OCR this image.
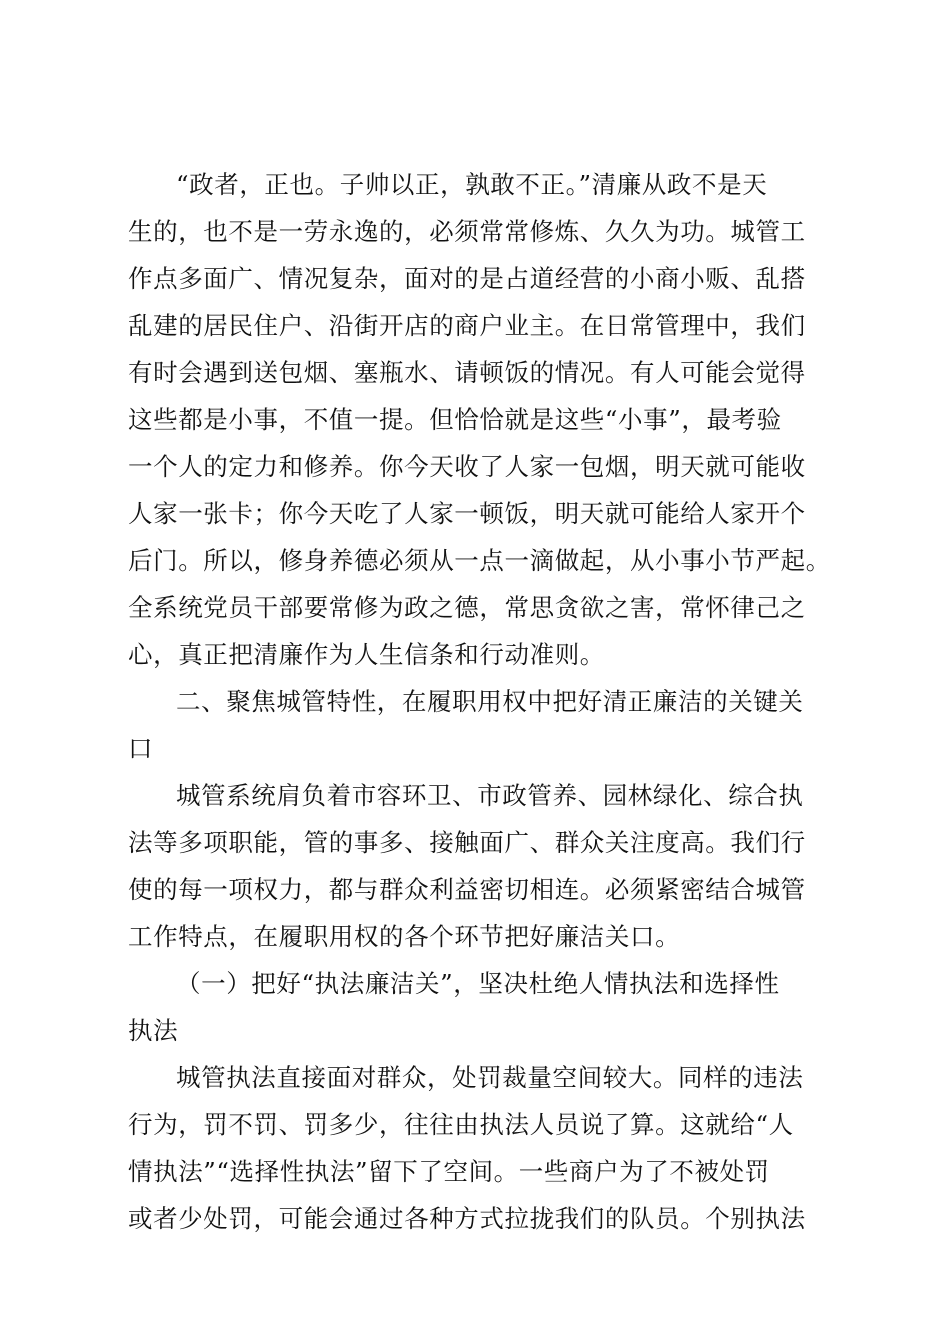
“政者，正也。子帅以正，孰敢不正。”清廉从政不是天
生的，也不是一劳永逸的，必须常常修炼、久久为功。城管工
作点多面广、情况复杂，面对的是占道经营的小商小贩、乱搭
乱建的居民住户、沿街开店的商户业主。在日常管理中，我们
有时会遇到送包烟、塞瓶水、请顿饭的情况。有人可能会觉得
这些都是小事，不值一提。但恰恰就是这些“小事”，最考验
一个人的定力和修养。你今天收了人家一包烟，明天就可能收
人家一张卡；你今天吃了人家一顿饭，明天就可能给人家开个
后门。所以，修身养德必须从一点一滴做起，从小事小节严起。
全系统党员干部要常修为政之德，常思贪欲之害，常怀律己之
心，真正把清廉作为人生信条和行动准则。
二、聚焦城管特性，在履职用权中把好清正廉洁的关键关
口
城管系统肩负着市容环卫、市政管养、园林绿化、综合执
法等多项职能，管的事多、接触面广、群众关注度高。我们行
使的每一项权力，都与群众利益密切相连。必须紧密结合城管
工作特点，在履职用权的各个环节把好廉洁关口。
（一）把好“执法廉洁关”，坚决杜绝人情执法和选择性
执法
城管执法直接面对群众，处罚裁量空间较大。同样的违法
行为，罚不罚、罚多少，往往由执法人员说了算。这就给“人
情执法”“选择性执法”留下了空间。一些商户为了不被处罚
或者少处罚，可能会通过各种方式拉拢我们的队员。个别执法
